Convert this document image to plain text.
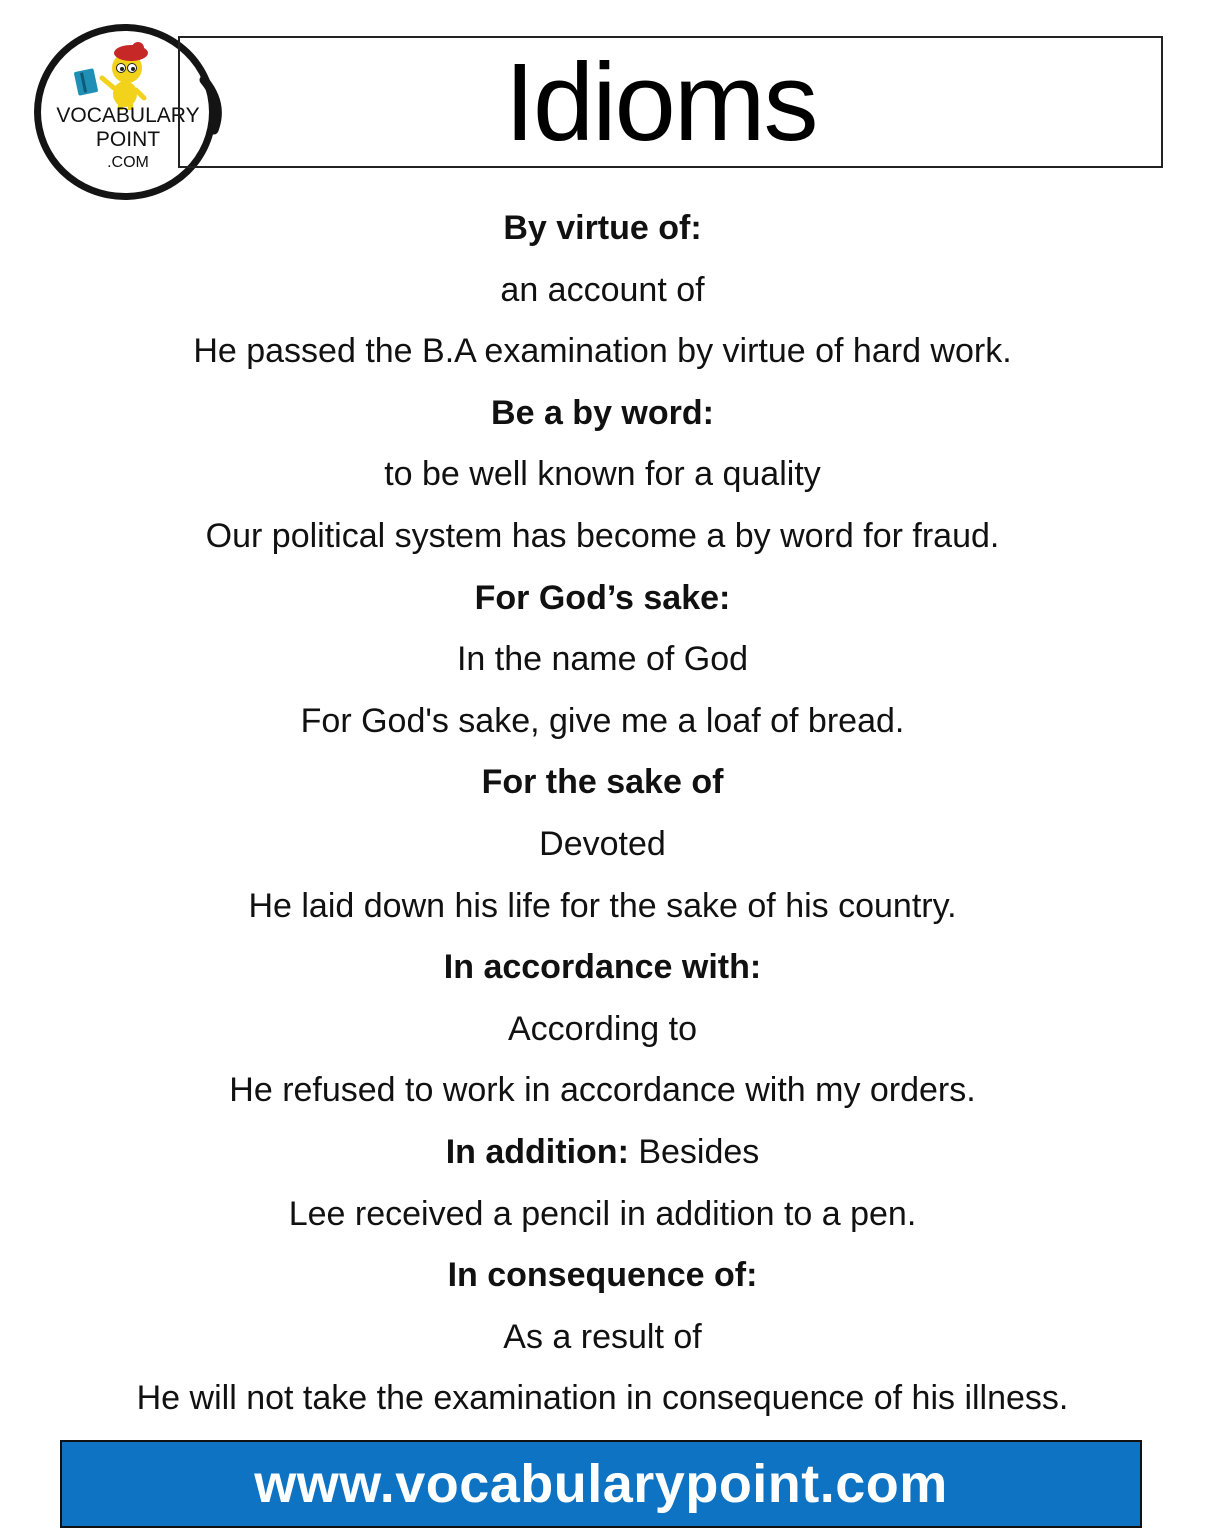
VOCABULARY
POINT
.COM	Idioms
By virtue of:
an account of
He passed the B.A examination by virtue of hard work.
Be a by word:
to be well known for a quality
Our political system has become a by word for fraud.
For God’s sake:
In the name of God
For God's sake, give me a loaf of bread.
For the sake of
Devoted
He laid down his life for the sake of his country.
In accordance with:
According to
He refused to work in accordance with my orders.
In addition: Besides
Lee received a pencil in addition to a pen.
In consequence of:
As a result of
He will not take the examination in consequence of his illness.
www.vocabularypoint.com
